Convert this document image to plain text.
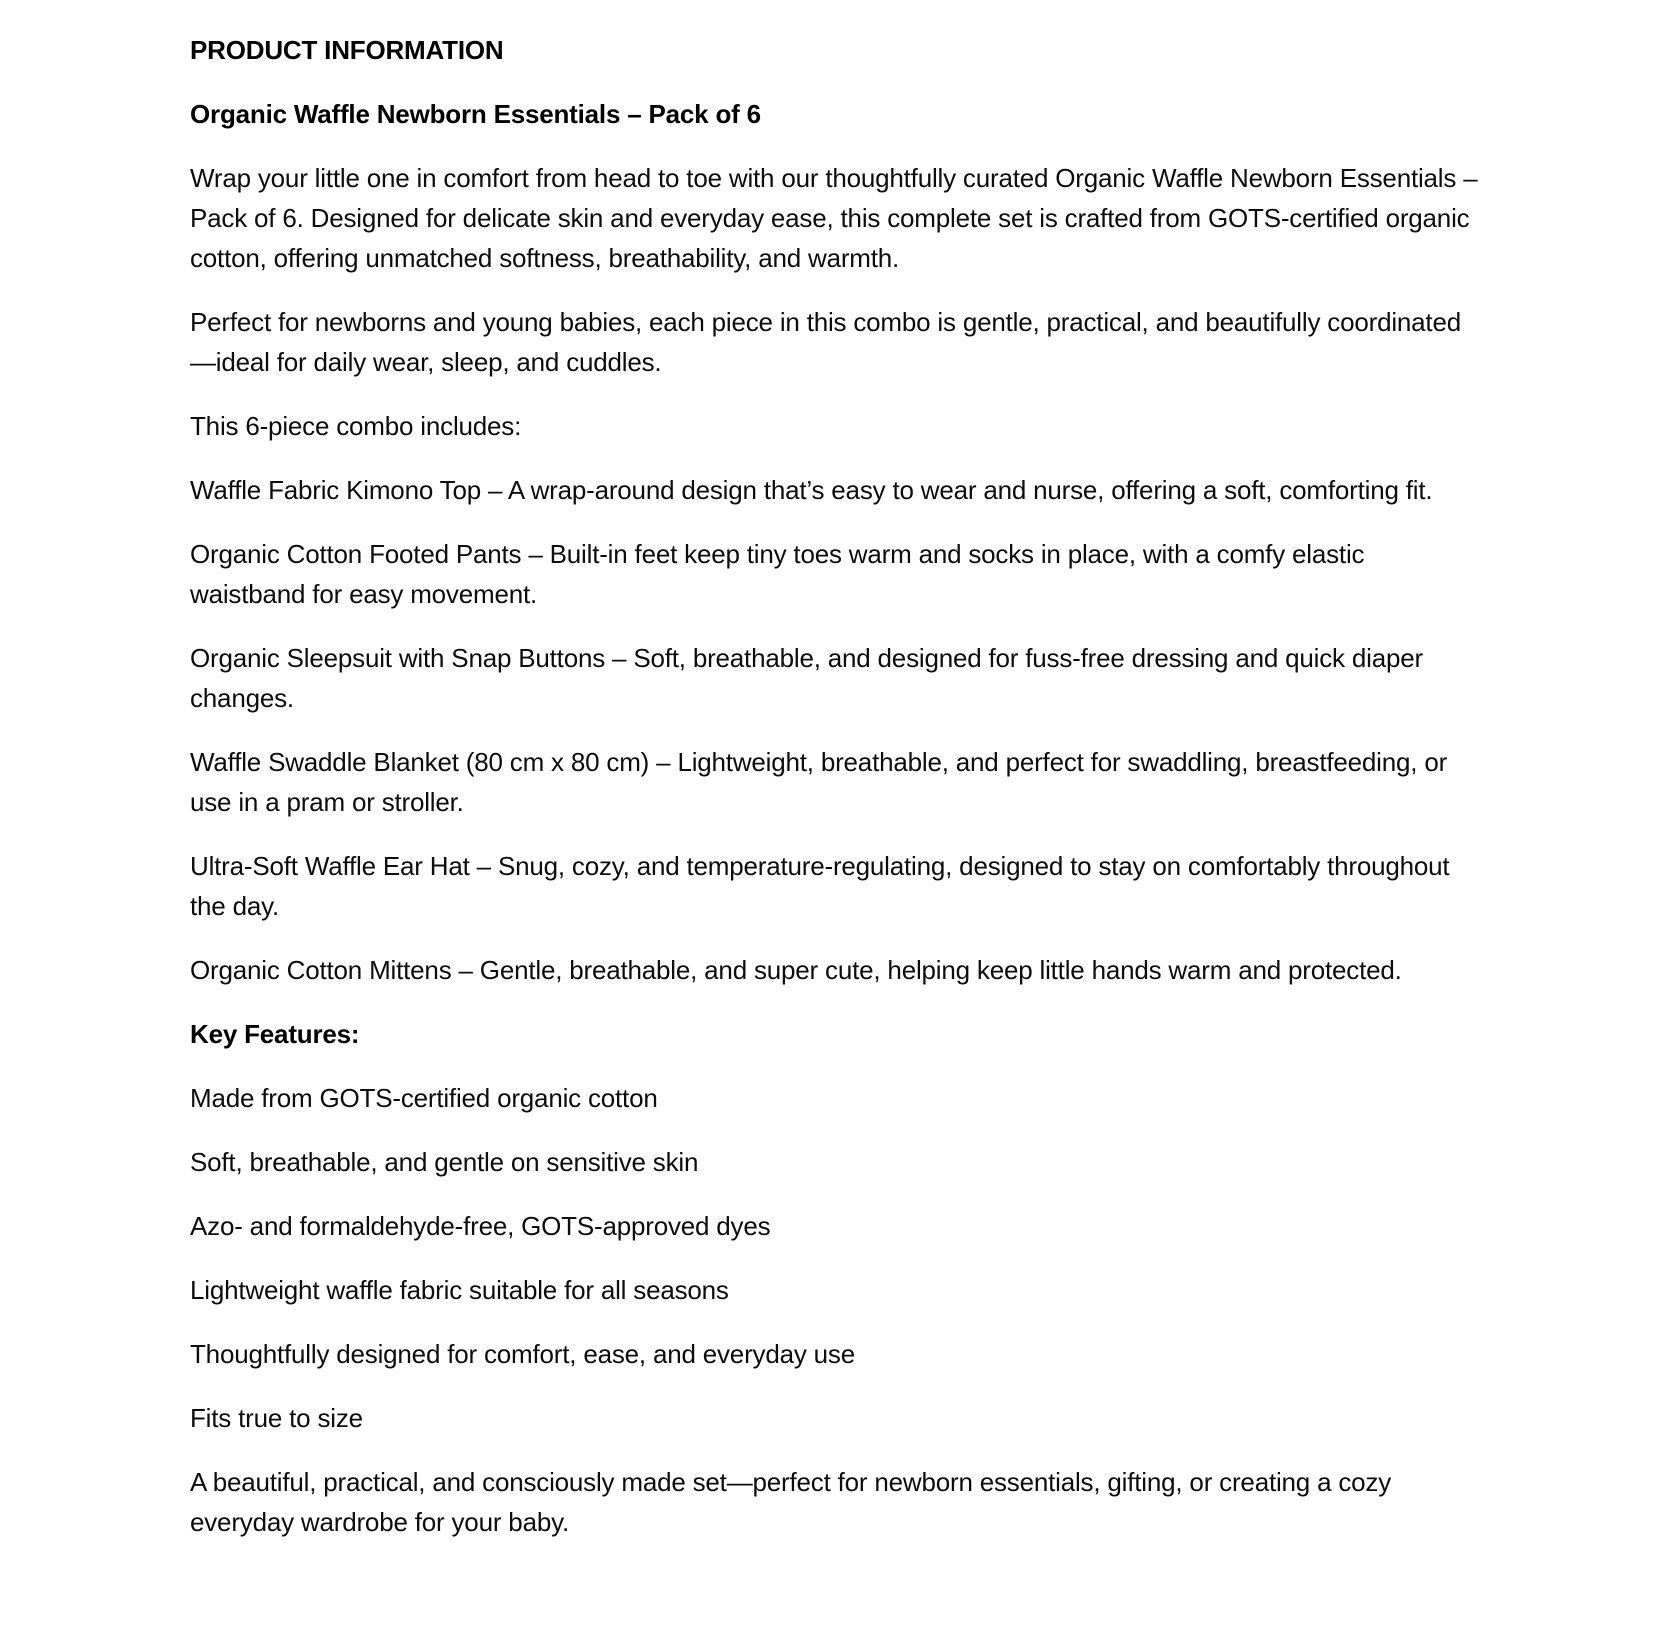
PRODUCT INFORMATION

Organic Waffle Newborn Essentials – Pack of 6

Wrap your little one in comfort from head to toe with our thoughtfully curated Organic Waffle Newborn Essentials – Pack of 6. Designed for delicate skin and everyday ease, this complete set is crafted from GOTS-certified organic cotton, offering unmatched softness, breathability, and warmth.

Perfect for newborns and young babies, each piece in this combo is gentle, practical, and beautifully coordinated—ideal for daily wear, sleep, and cuddles.

This 6-piece combo includes:

Waffle Fabric Kimono Top – A wrap-around design that’s easy to wear and nurse, offering a soft, comforting fit.

Organic Cotton Footed Pants – Built-in feet keep tiny toes warm and socks in place, with a comfy elastic waistband for easy movement.

Organic Sleepsuit with Snap Buttons – Soft, breathable, and designed for fuss-free dressing and quick diaper changes.

Waffle Swaddle Blanket (80 cm x 80 cm) – Lightweight, breathable, and perfect for swaddling, breastfeeding, or use in a pram or stroller.

Ultra-Soft Waffle Ear Hat – Snug, cozy, and temperature-regulating, designed to stay on comfortably throughout the day.

Organic Cotton Mittens – Gentle, breathable, and super cute, helping keep little hands warm and protected.

Key Features:

Made from GOTS-certified organic cotton

Soft, breathable, and gentle on sensitive skin

Azo- and formaldehyde-free, GOTS-approved dyes

Lightweight waffle fabric suitable for all seasons

Thoughtfully designed for comfort, ease, and everyday use

Fits true to size

A beautiful, practical, and consciously made set—perfect for newborn essentials, gifting, or creating a cozy everyday wardrobe for your baby.
